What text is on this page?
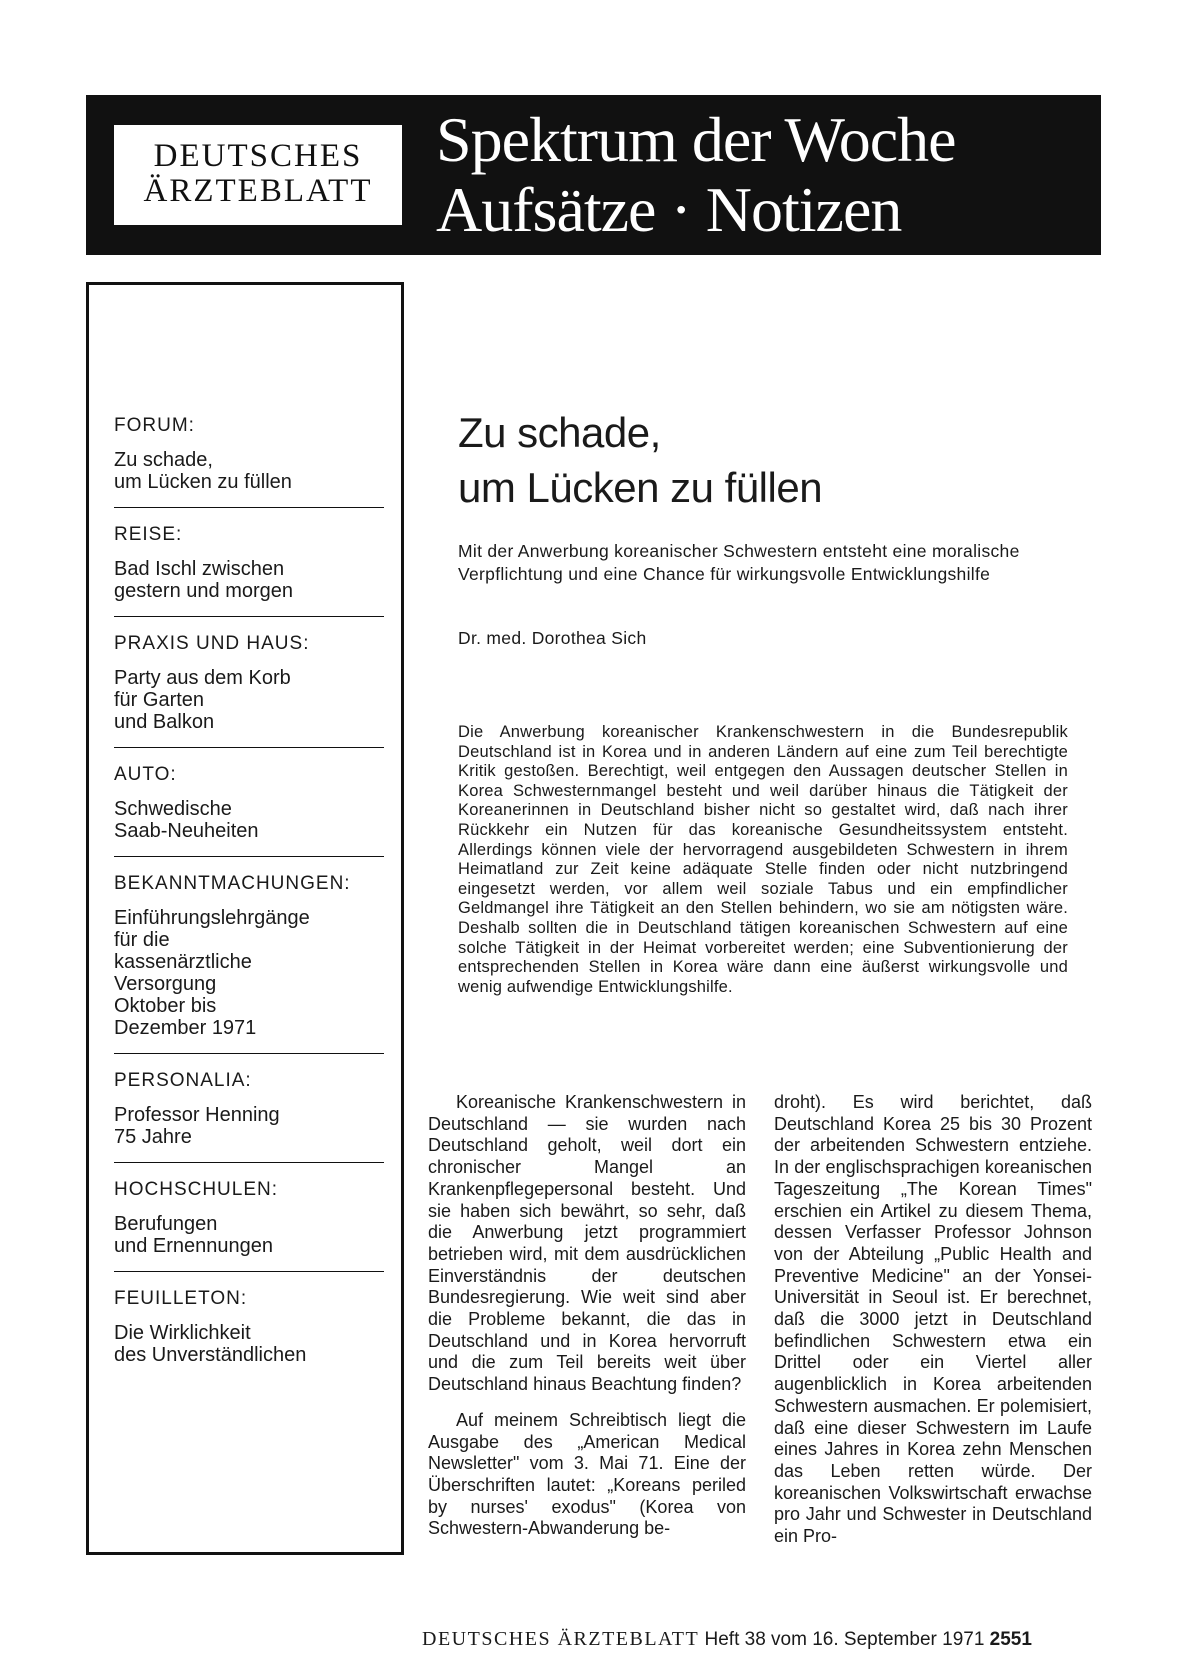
DEUTSCHES
ÄRZTEBLATT
Spektrum der Woche
Aufsätze · Notizen
FORUM:
Zu schade,
um Lücken zu füllen
REISE:
Bad Ischl zwischen
gestern und morgen
PRAXIS UND HAUS:
Party aus dem Korb
für Garten
und Balkon
AUTO:
Schwedische
Saab-Neuheiten
BEKANNTMACHUNGEN:
Einführungslehrgänge
für die
kassenärztliche
Versorgung
Oktober bis
Dezember 1971
PERSONALIA:
Professor Henning
75 Jahre
HOCHSCHULEN:
Berufungen
und Ernennungen
FEUILLETON:
Die Wirklichkeit
des Unverständlichen
Zu schade,
um Lücken zu füllen
Mit der Anwerbung koreanischer Schwestern entsteht eine moralische Verpflichtung und eine Chance für wirkungsvolle Entwicklungshilfe
Dr. med. Dorothea Sich
Die Anwerbung koreanischer Krankenschwestern in die Bundesrepublik Deutschland ist in Korea und in anderen Ländern auf eine zum Teil berechtigte Kritik gestoßen. Berechtigt, weil entgegen den Aussagen deutscher Stellen in Korea Schwesternmangel besteht und weil darüber hinaus die Tätigkeit der Koreanerinnen in Deutschland bisher nicht so gestaltet wird, daß nach ihrer Rückkehr ein Nutzen für das koreanische Gesundheitssystem entsteht. Allerdings können viele der hervorragend ausgebildeten Schwestern in ihrem Heimatland zur Zeit keine adäquate Stelle finden oder nicht nutzbringend eingesetzt werden, vor allem weil soziale Tabus und ein empfindlicher Geldmangel ihre Tätigkeit an den Stellen behindern, wo sie am nötigsten wäre. Deshalb sollten die in Deutschland tätigen koreanischen Schwestern auf eine solche Tätigkeit in der Heimat vorbereitet werden; eine Subventionierung der entsprechenden Stellen in Korea wäre dann eine äußerst wirkungsvolle und wenig aufwendige Entwicklungshilfe.

Koreanische Krankenschwestern in Deutschland — sie wurden nach Deutschland geholt, weil dort ein chronischer Mangel an Krankenpflegepersonal besteht. Und sie haben sich bewährt, so sehr, daß die Anwerbung jetzt programmiert betrieben wird, mit dem ausdrücklichen Einverständnis der deutschen Bundesregierung. Wie weit sind aber die Probleme bekannt, die das in Deutschland und in Korea hervorruft und die zum Teil bereits weit über Deutschland hinaus Beachtung finden?

Auf meinem Schreibtisch liegt die Ausgabe des „American Medical Newsletter" vom 3. Mai 71. Eine der Überschriften lautet: „Koreans periled by nurses' exodus" (Korea von Schwestern-Abwanderung be-

droht). Es wird berichtet, daß Deutschland Korea 25 bis 30 Prozent der arbeitenden Schwestern entziehe. In der englischsprachigen koreanischen Tageszeitung „The Korean Times" erschien ein Artikel zu diesem Thema, dessen Verfasser Professor Johnson von der Abteilung „Public Health and Preventive Medicine" an der Yonsei-Universität in Seoul ist. Er berechnet, daß die 3000 jetzt in Deutschland befindlichen Schwestern etwa ein Drittel oder ein Viertel aller augenblicklich in Korea arbeitenden Schwestern ausmachen. Er polemisiert, daß eine dieser Schwestern im Laufe eines Jahres in Korea zehn Menschen das Leben retten würde. Der koreanischen Volkswirtschaft erwachse pro Jahr und Schwester in Deutschland ein Pro-

DEUTSCHES ÄRZTEBLATT Heft 38 vom 16. September 1971 2551
